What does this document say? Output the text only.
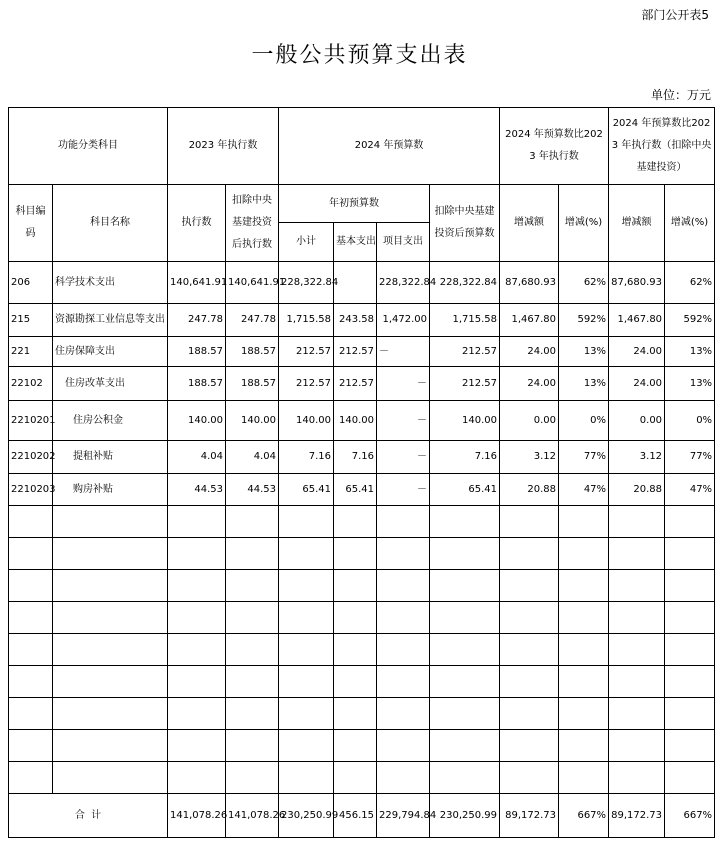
部门公开表5
一般公共预算支出表
单位：万元
功能分类科目		2023 年执行数		2024 年预算数				2024 年预算数比2023 年执行数		2024 年预算数比2023 年执行数（扣除中央基建投资）	
科目编码	科目名称	执行数	扣除中央基建投资后执行数	年初预算数			扣除中央基建投资后预算数	增减额	增减(%)	增减额	增减(%)
				小计	基本支出	项目支出					
206	科学技术支出	140,641.91	140,641.91	228,322.84		228,322.84	228,322.84	87,680.93	62%	87,680.93	62%
215	资源勘探工业信息等支出	247.78	247.78	1,715.58	243.58	1,472.00	1,715.58	1,467.80	592%	1,467.80	592%
221	住房保障支出	188.57	188.57	212.57	212.57	－	212.57	24.00	13%	24.00	13%
22102	住房改革支出	188.57	188.57	212.57	212.57	－	212.57	24.00	13%	24.00	13%
2210201	住房公积金	140.00	140.00	140.00	140.00	－	140.00	0.00	0%	0.00	0%
2210202	提租补贴	4.04	4.04	7.16	7.16	－	7.16	3.12	77%	3.12	77%
2210203	购房补贴	44.53	44.53	65.41	65.41	－	65.41	20.88	47%	20.88	47%

合  计		141,078.26	141,078.26	230,250.99	456.15	229,794.84	230,250.99	89,172.73	667%	89,172.73	667%
